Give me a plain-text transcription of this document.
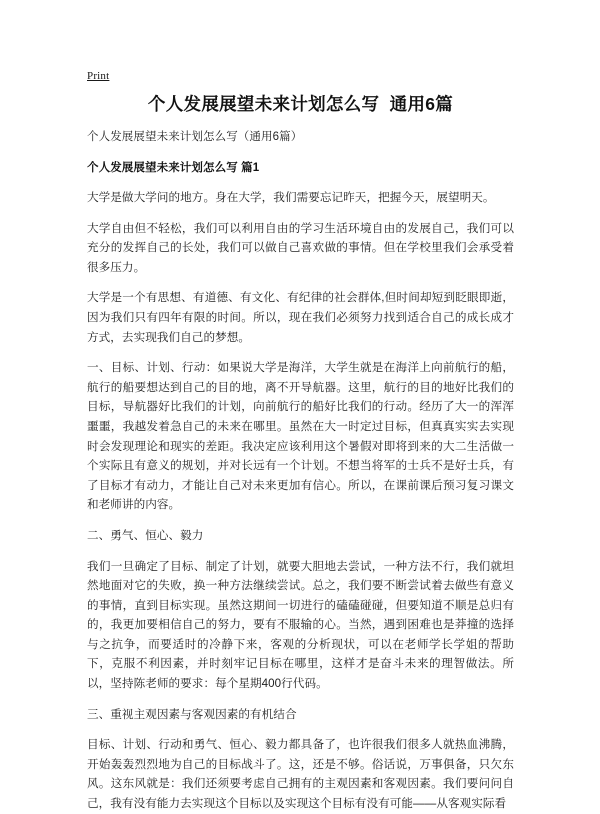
Print
个人发展展望未来计划怎么写  通用6篇

个人发展展望未来计划怎么写（通用6篇）

个人发展展望未来计划怎么写 篇1

大学是做大学问的地方。身在大学，我们需要忘记昨天，把握今天，展望明天。

大学自由但不轻松，我们可以利用自由的学习生活环境自由的发展自己，我们可以充分的发挥自己的长处，我们可以做自己喜欢做的事情。但在学校里我们会承受着很多压力。

大学是一个有思想、有道德、有文化、有纪律的社会群体,但时间却短到眨眼即逝，因为我们只有四年有限的时间。所以，现在我们必须努力找到适合自己的成长成才方式，去实现我们自己的梦想。

一、目标、计划、行动：如果说大学是海洋，大学生就是在海洋上向前航行的船，航行的船要想达到自己的目的地，离不开导航器。这里，航行的目的地好比我们的目标，导航器好比我们的计划，向前航行的船好比我们的行动。经历了大一的浑浑噩噩，我越发着急自己的未来在哪里。虽然在大一时定过目标，但真真实实去实现时会发现理论和现实的差距。我决定应该利用这个暑假对即将到来的大二生活做一个实际且有意义的规划，并对长远有一个计划。不想当将军的士兵不是好士兵，有了目标才有动力，才能让自己对未来更加有信心。所以，在课前课后预习复习课文和老师讲的内容。

二、勇气、恒心、毅力

我们一旦确定了目标、制定了计划，就要大胆地去尝试，一种方法不行，我们就坦然地面对它的失败，换一种方法继续尝试。总之，我们要不断尝试着去做些有意义的事情，直到目标实现。虽然这期间一切进行的磕磕碰碰，但要知道不顺是总归有的，我更加要相信自己的努力，要有不服输的心。当然，遇到困难也是莽撞的选择与之抗争，而要适时的冷静下来，客观的分析现状，可以在老师学长学姐的帮助下，克服不利因素，并时刻牢记目标在哪里，这样才是奋斗未来的理智做法。所以，坚持陈老师的要求：每个星期400行代码。

三、重视主观因素与客观因素的有机结合

目标、计划、行动和勇气、恒心、毅力都具备了，也许很我们很多人就热血沸腾，开始轰轰烈烈地为自己的目标战斗了。这，还是不够。俗话说，万事俱备，只欠东风。这东风就是：我们还须要考虑自己拥有的主观因素和客观因素。我们要问问自己，我有没有能力去实现这个目标以及实现这个目标有没有可能——从客观实际看
